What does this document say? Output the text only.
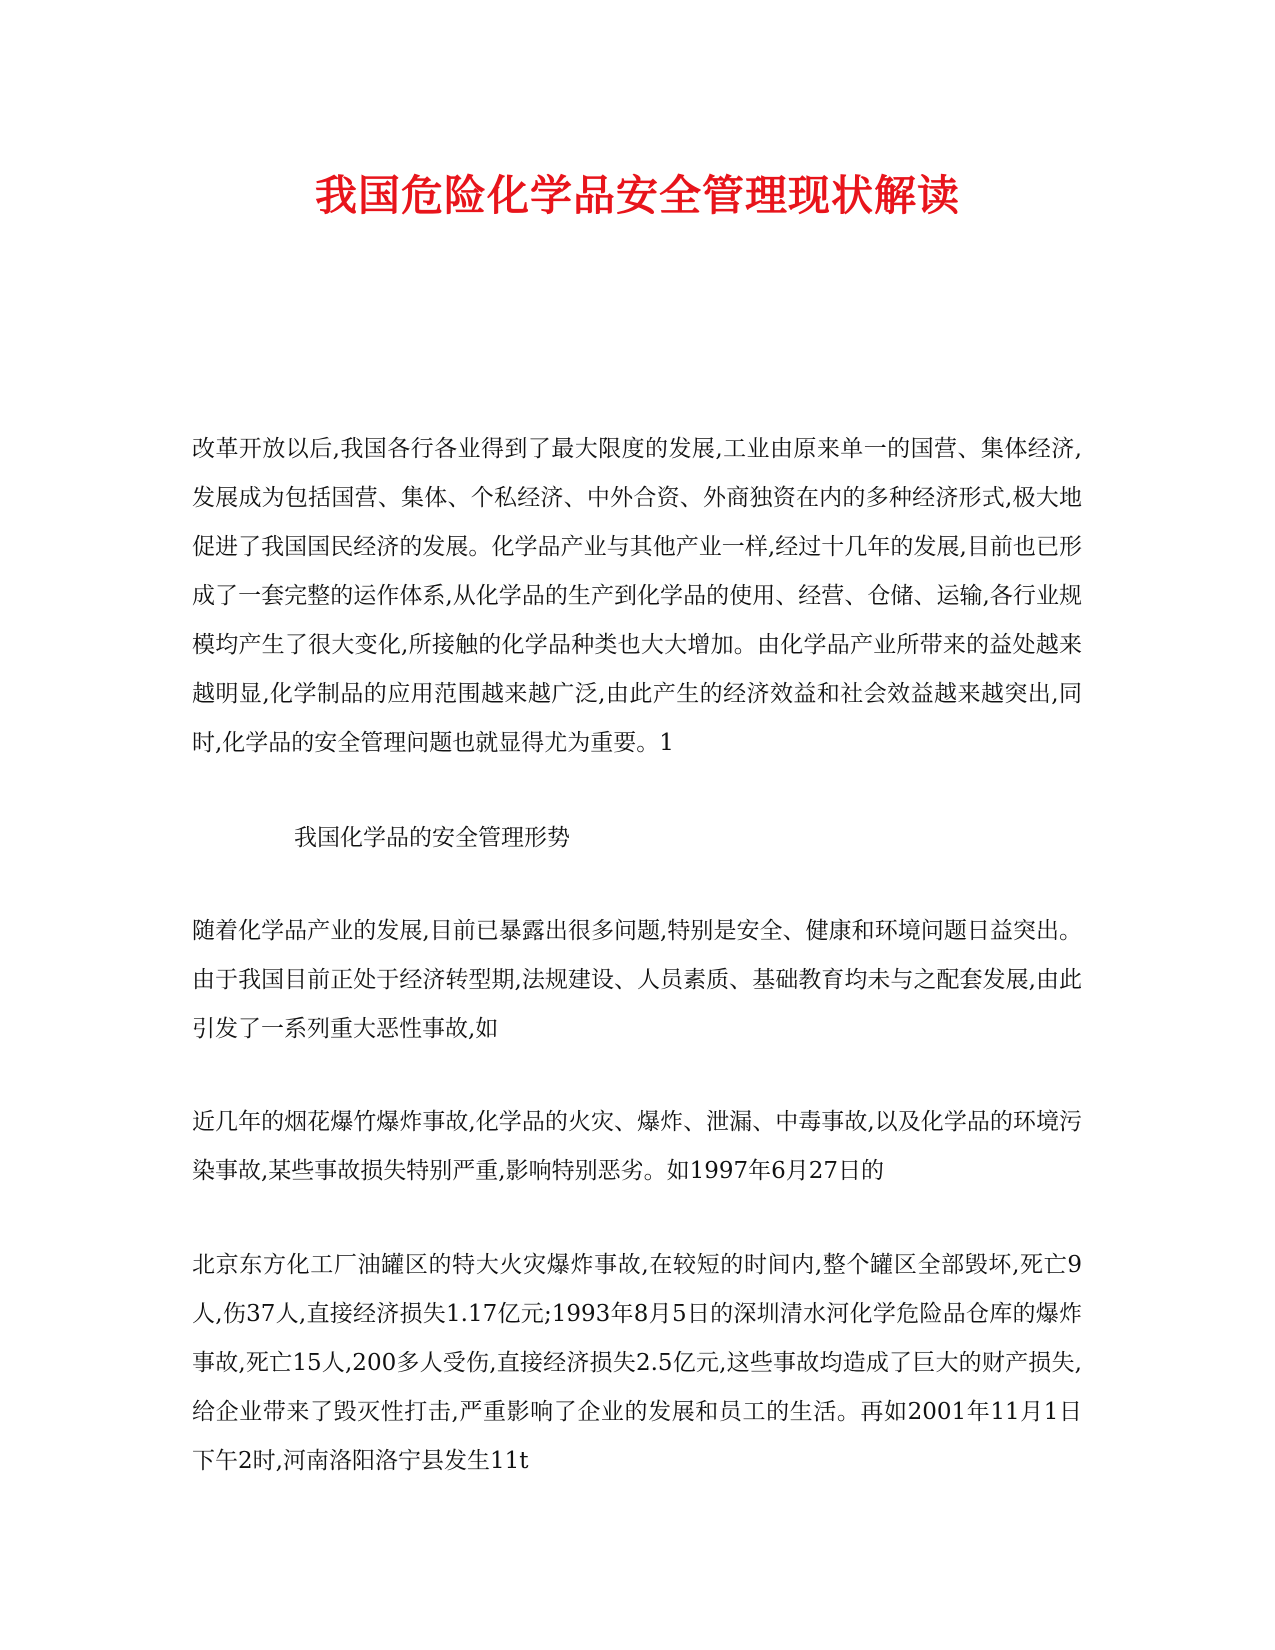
我国危险化学品安全管理现状解读

改革开放以后,我国各行各业得到了最大限度的发展,工业由原来单一的国营、集体经济,发展成为包括国营、集体、个私经济、中外合资、外商独资在内的多种经济形式,极大地促进了我国国民经济的发展。化学品产业与其他产业一样,经过十几年的发展,目前也已形成了一套完整的运作体系,从化学品的生产到化学品的使用、经营、仓储、运输,各行业规模均产生了很大变化,所接触的化学品种类也大大增加。由化学品产业所带来的益处越来越明显,化学制品的应用范围越来越广泛,由此产生的经济效益和社会效益越来越突出,同时,化学品的安全管理问题也就显得尤为重要。1

我国化学品的安全管理形势

随着化学品产业的发展,目前已暴露出很多问题,特别是安全、健康和环境问题日益突出。由于我国目前正处于经济转型期,法规建设、人员素质、基础教育均未与之配套发展,由此引发了一系列重大恶性事故,如

近几年的烟花爆竹爆炸事故,化学品的火灾、爆炸、泄漏、中毒事故,以及化学品的环境污染事故,某些事故损失特别严重,影响特别恶劣。如1997年6月27日的

北京东方化工厂油罐区的特大火灾爆炸事故,在较短的时间内,整个罐区全部毁坏,死亡9人,伤37人,直接经济损失1.17亿元;1993年8月5日的深圳清水河化学危险品仓库的爆炸事故,死亡15人,200多人受伤,直接经济损失2.5亿元,这些事故均造成了巨大的财产损失,给企业带来了毁灭性打击,严重影响了企业的发展和员工的生活。再如2001年11月1日下午2时,河南洛阳洛宁县发生11t
